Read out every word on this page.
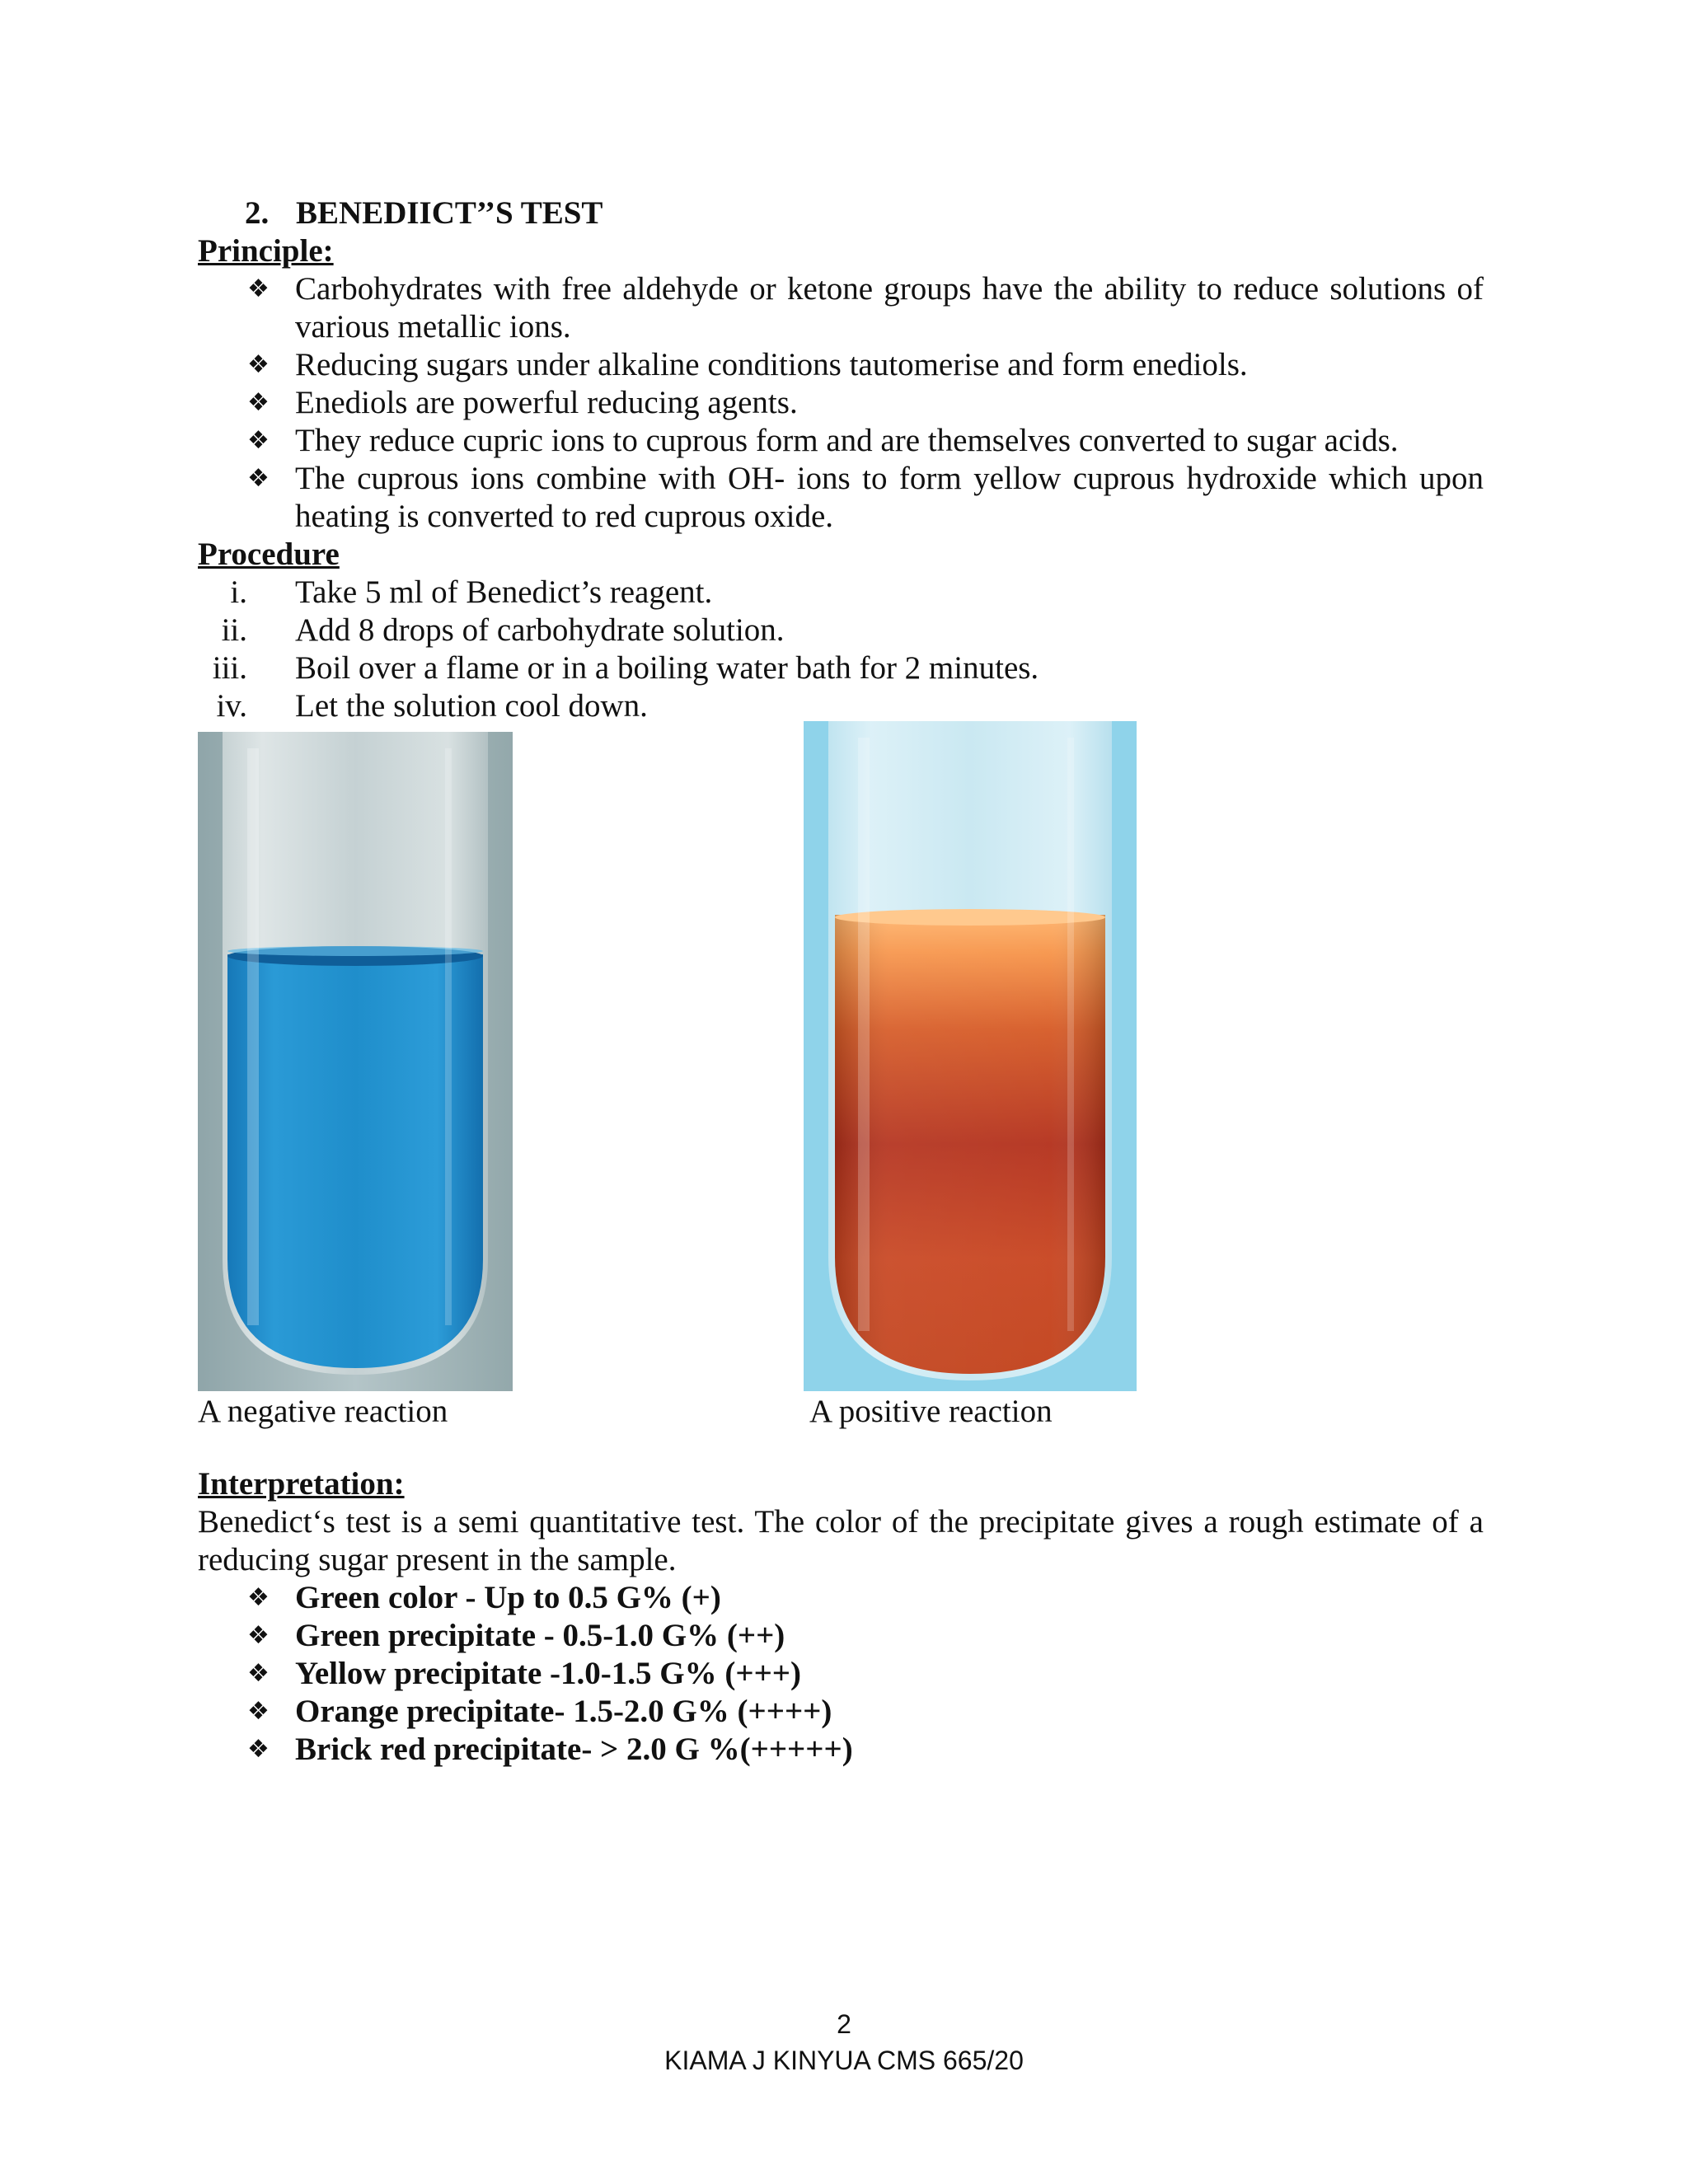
2. BENEDIICT’’S TEST
Principle:
❖ Carbohydrates with free aldehyde or ketone groups have the ability to reduce solutions of various metallic ions.
❖ Reducing sugars under alkaline conditions tautomerise and form enediols.
❖ Enediols are powerful reducing agents.
❖ They reduce cupric ions to cuprous form and are themselves converted to sugar acids.
❖ The cuprous ions combine with OH- ions to form yellow cuprous hydroxide which upon heating is converted to red cuprous oxide.
Procedure
i. Take 5 ml of Benedict’s reagent.
ii. Add 8 drops of carbohydrate solution.
iii. Boil over a flame or in a boiling water bath for 2 minutes.
iv. Let the solution cool down.
A negative reaction	A positive reaction
Interpretation:

Benedict‘s test is a semi quantitative test. The color of the precipitate gives a rough estimate of a reducing sugar present in the sample.

❖ Green color - Up to 0.5 G% (+)
❖ Green precipitate - 0.5-1.0 G% (++)
❖ Yellow precipitate -1.0-1.5 G% (+++)
❖ Orange precipitate- 1.5-2.0 G% (++++)
❖ Brick red precipitate- > 2.0 G %(+++++)
2
KIAMA J KINYUA CMS 665/20
